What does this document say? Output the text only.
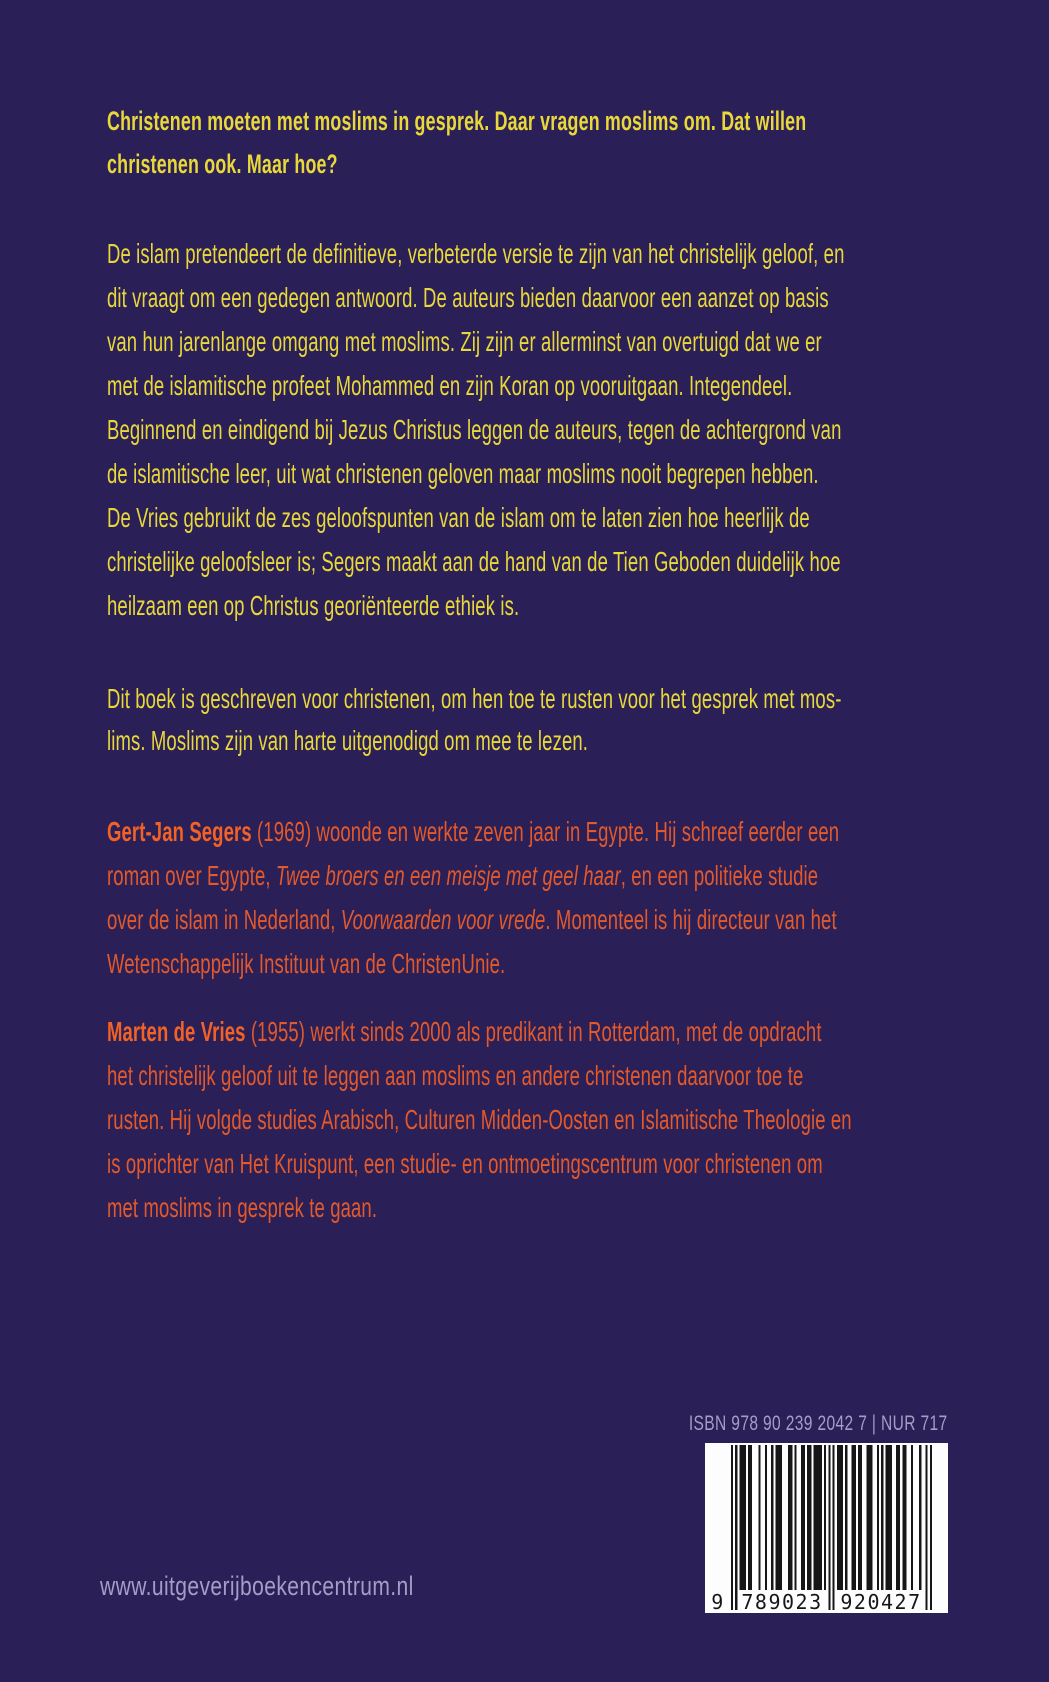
Christenen moeten met moslims in gesprek. Daar vragen moslims om. Dat willen
christenen ook. Maar hoe?
De islam pretendeert de definitieve, verbeterde versie te zijn van het christelijk geloof, en
dit vraagt om een gedegen antwoord. De auteurs bieden daarvoor een aanzet op basis
van hun jarenlange omgang met moslims. Zij zijn er allerminst van overtuigd dat we er
met de islamitische profeet Mohammed en zijn Koran op vooruitgaan. Integendeel.
Beginnend en eindigend bij Jezus Christus leggen de auteurs, tegen de achtergrond van
de islamitische leer, uit wat christenen geloven maar moslims nooit begrepen hebben.
De Vries gebruikt de zes geloofspunten van de islam om te laten zien hoe heerlijk de
christelijke geloofsleer is; Segers maakt aan de hand van de Tien Geboden duidelijk hoe
heilzaam een op Christus georiënteerde ethiek is.
Dit boek is geschreven voor christenen, om hen toe te rusten voor het gesprek met mos-
lims. Moslims zijn van harte uitgenodigd om mee te lezen.
Gert-Jan Segers (1969) woonde en werkte zeven jaar in Egypte. Hij schreef eerder een
roman over Egypte, Twee broers en een meisje met geel haar, en een politieke studie
over de islam in Nederland, Voorwaarden voor vrede. Momenteel is hij directeur van het
Wetenschappelijk Instituut van de ChristenUnie.
Marten de Vries (1955) werkt sinds 2000 als predikant in Rotterdam, met de opdracht
het christelijk geloof uit te leggen aan moslims en andere christenen daarvoor toe te
rusten. Hij volgde studies Arabisch, Culturen Midden-Oosten en Islamitische Theologie en
is oprichter van Het Kruispunt, een studie- en ontmoetingscentrum voor christenen om
met moslims in gesprek te gaan.
ISBN 978 90 239 2042 7 | NUR 717
9 789023 920427
www.uitgeverijboekencentrum.nl
